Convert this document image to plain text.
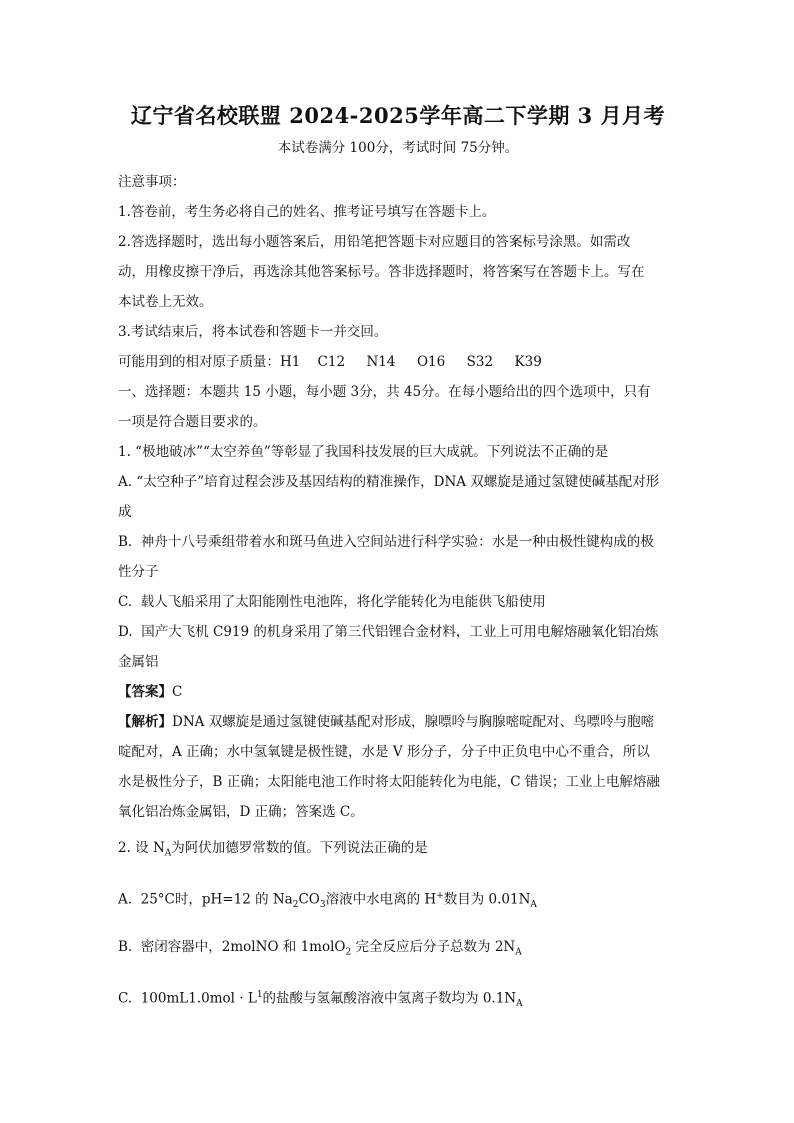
辽宁省名校联盟 2024-2025学年高二下学期 3 月月考

本试卷满分 100分，考试时间 75分钟。

注意事项：

1.答卷前，考生务必将自己的姓名、推考证号填写在答题卡上。

2.答选择题时，选出每小题答案后，用铅笔把答题卡对应题目的答案标号涂黑。如需改

动，用橡皮擦干净后，再选涂其他答案标号。答非选择题时，将答案写在答题卡上。写在

本试卷上无效。

3.考试结束后，将本试卷和答题卡一并交回。

可能用到的相对原子质量：H1    C12     N14     O16     S32     K39

一、选择题：本题共 15 小题，每小题 3分，共 45分。在每小题给出的四个选项中，只有

一项是符合题目要求的。

1. “极地破冰”“太空养鱼”等彰显了我国科技发展的巨大成就。下列说法不正确的是

A. “太空种子”培育过程会涉及基因结构的精准操作，DNA 双螺旋是通过氢键使碱基配对形

成

B.  神舟十八号乘组带着水和斑马鱼进入空间站进行科学实验：水是一种由极性键构成的极

性分子

C.  载人飞船采用了太阳能刚性电池阵，将化学能转化为电能供飞船使用

D.  国产大飞机 C919 的机身采用了第三代铝锂合金材料，工业上可用电解熔融氧化铝冶炼

金属铝

【答案】C

【解析】DNA 双螺旋是通过氢键使碱基配对形成，腺嘌呤与胸腺嘧啶配对、鸟嘌呤与胞嘧

啶配对，A 正确；水中氢氧键是极性键，水是 V 形分子，分子中正负电中心不重合，所以

水是极性分子，B 正确；太阳能电池工作时将太阳能转化为电能，C 错误；工业上电解熔融

氧化铝冶炼金属铝，D 正确；答案选 C。

2. 设 $N_A$为阿伏加德罗常数的值。下列说法正确的是

A.  25°C时，pH=12 的 $Na_2CO_3$溶液中水电离的 H+数目为 $0.01N_A$

B.  密闭容器中，2molNO 和 1molO$_2$ 完全反应后分子总数为 $2N_A$

C.  $100mL1.0mol \cdot L^1$的盐酸与氢氟酸溶液中氢离子数均为 $0.1N_A$
